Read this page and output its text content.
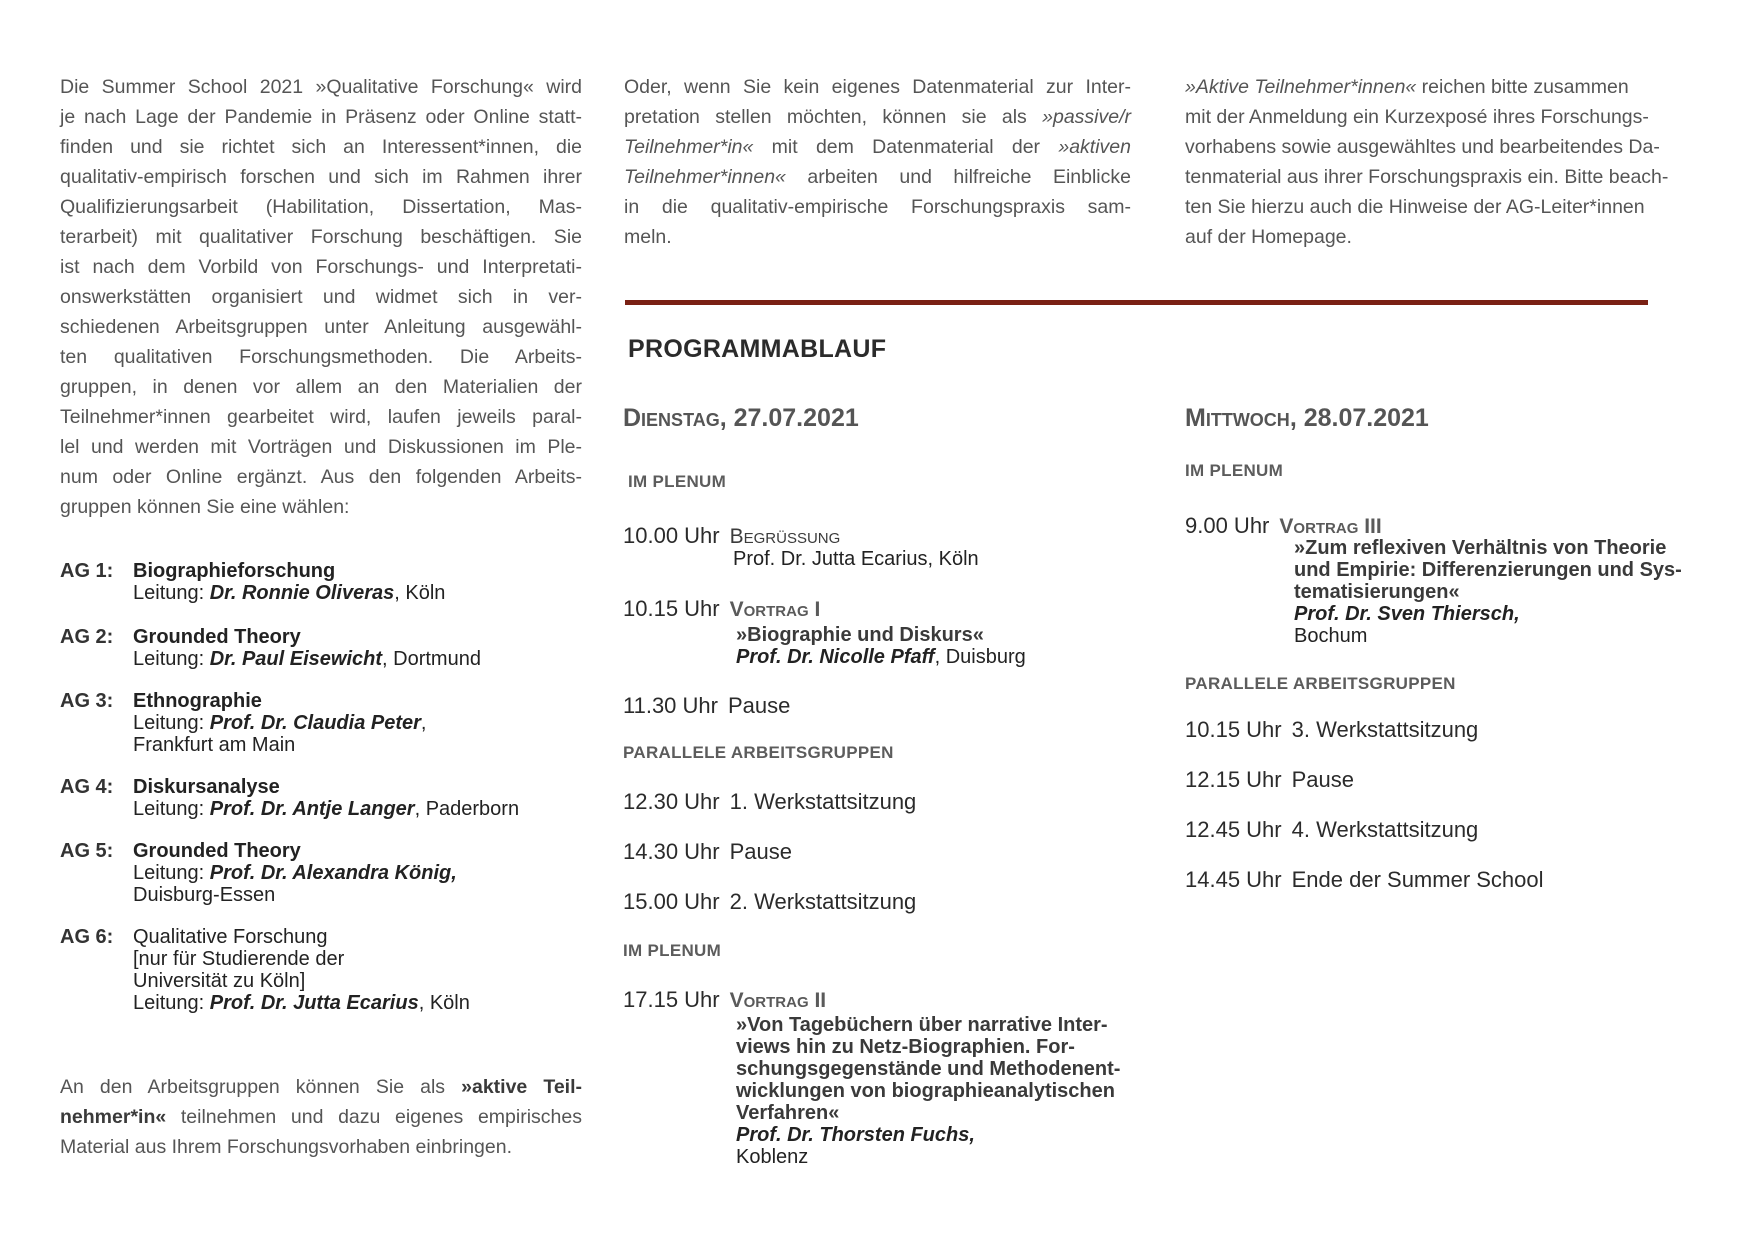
Die Summer School 2021 »Qualitative Forschung« wird
je nach Lage der Pandemie in Präsenz oder Online statt-
finden und sie richtet sich an Interessent*innen, die
qualitativ-empirisch forschen und sich im Rahmen ihrer
Qualifizierungsarbeit (Habilitation, Dissertation, Mas-
terarbeit) mit qualitativer Forschung beschäftigen. Sie
ist nach dem Vorbild von Forschungs- und Interpretati-
onswerkstätten organisiert und widmet sich in ver-
schiedenen Arbeitsgruppen unter Anleitung ausgewähl-
ten qualitativen Forschungsmethoden. Die Arbeits-
gruppen, in denen vor allem an den Materialien der
Teilnehmer*innen gearbeitet wird, laufen jeweils paral-
lel und werden mit Vorträgen und Diskussionen im Ple-
num oder Online ergänzt. Aus den folgenden Arbeits-
gruppen können Sie eine wählen:
AG 1: Biographieforschung
Leitung: Dr. Ronnie Oliveras, Köln
AG 2: Grounded Theory
Leitung: Dr. Paul Eisewicht, Dortmund
AG 3: Ethnographie
Leitung: Prof. Dr. Claudia Peter,
Frankfurt am Main
AG 4: Diskursanalyse
Leitung: Prof. Dr. Antje Langer, Paderborn
AG 5: Grounded Theory
Leitung: Prof. Dr. Alexandra König,
Duisburg-Essen
AG 6: Qualitative Forschung
[nur für Studierende der
Universität zu Köln]
Leitung: Prof. Dr. Jutta Ecarius, Köln
An den Arbeitsgruppen können Sie als »aktive Teil-
nehmer*in« teilnehmen und dazu eigenes empirisches
Material aus Ihrem Forschungsvorhaben einbringen.
Oder, wenn Sie kein eigenes Datenmaterial zur Inter-
pretation stellen möchten, können sie als »passive/r
Teilnehmer*in« mit dem Datenmaterial der »aktiven
Teilnehmer*innen« arbeiten und hilfreiche Einblicke
in die qualitativ-empirische Forschungspraxis sam-
meln.
»Aktive Teilnehmer*innen« reichen bitte zusammen
mit der Anmeldung ein Kurzexposé ihres Forschungs-
vorhabens sowie ausgewähltes und bearbeitendes Da-
tenmaterial aus ihrer Forschungspraxis ein. Bitte beach-
ten Sie hierzu auch die Hinweise der AG-Leiter*innen
auf der Homepage.
PROGRAMMABLAUF
Dienstag, 27.07.2021
IM PLENUM
10.00 Uhr Begrüßung
Prof. Dr. Jutta Ecarius, Köln
10.15 Uhr Vortrag I
»Biographie und Diskurs«
Prof. Dr. Nicolle Pfaff, Duisburg
11.30 Uhr Pause
PARALLELE ARBEITSGRUPPEN
12.30 Uhr 1. Werkstattsitzung
14.30 Uhr Pause
15.00 Uhr 2. Werkstattsitzung
IM PLENUM
17.15 Uhr Vortrag II
»Von Tagebüchern über narrative Inter-
views hin zu Netz-Biographien. For-
schungsgegenstände und Methodenent-
wicklungen von biographieanalytischen
Verfahren«
Prof. Dr. Thorsten Fuchs,
Koblenz
Mittwoch, 28.07.2021
IM PLENUM
9.00 Uhr Vortrag III
»Zum reflexiven Verhältnis von Theorie
und Empirie: Differenzierungen und Sys-
tematisierungen«
Prof. Dr. Sven Thiersch,
Bochum
PARALLELE ARBEITSGRUPPEN
10.15 Uhr 3. Werkstattsitzung
12.15 Uhr Pause
12.45 Uhr 4. Werkstattsitzung
14.45 Uhr Ende der Summer School
